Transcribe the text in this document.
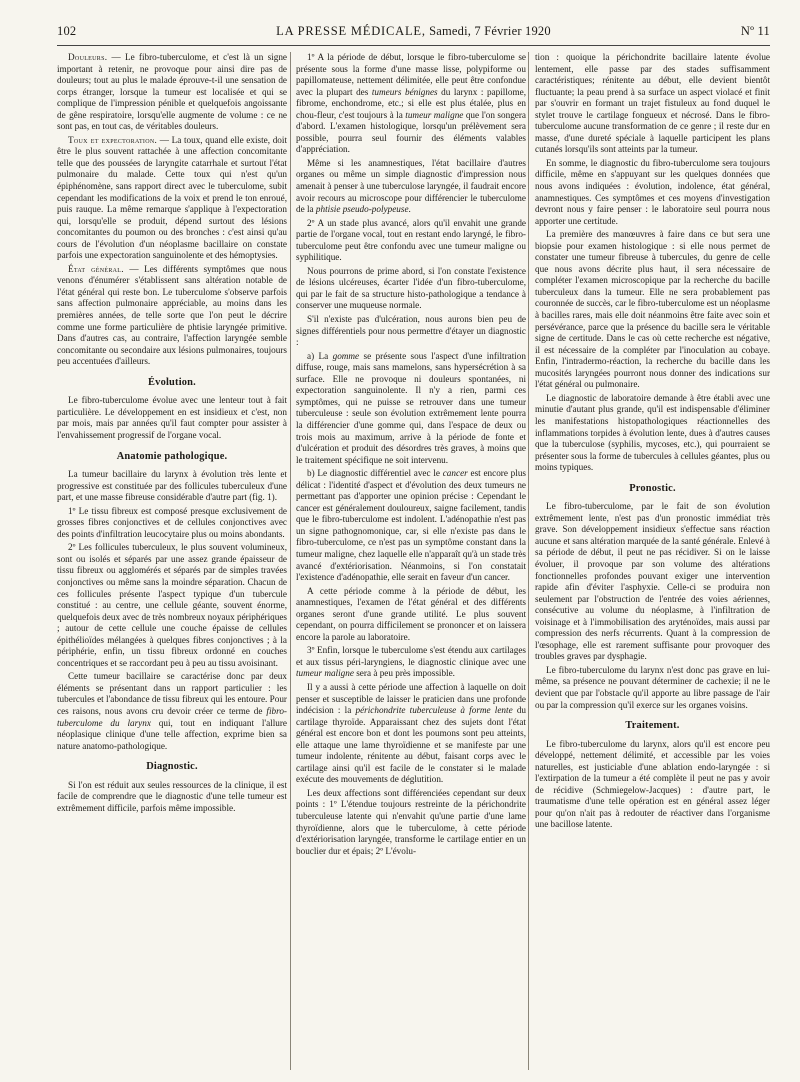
102	LA PRESSE MÉDICALE, Samedi, 7 Février 1920	Nº 11

Douleurs. — Le fibro-tuberculome, et c'est là un signe important à retenir, ne provoque pour ainsi dire pas de douleurs; tout au plus le malade éprouve-t-il une sensation de corps étranger, lorsque la tumeur est localisée et qui se complique de l'impression pénible et quelquefois angoissante de gêne respiratoire, lorsqu'elle augmente de volume : ce ne sont pas, en tout cas, de véritables douleurs.

Toux et expectoration. — La toux, quand elle existe, doit être le plus souvent rattachée à une affection concomitante telle que des poussées de laryngite catarrhale et surtout l'état pulmonaire du malade. Cette toux qui n'est qu'un épiphénomène, sans rapport direct avec le tuberculome, subit cependant les modifications de la voix et prend le ton enroué, puis rauque. La même remarque s'applique à l'expectoration qui, lorsqu'elle se produit, dépend surtout des lésions concomitantes du poumon ou des bronches : c'est ainsi qu'au cours de l'évolution d'un néoplasme bacillaire on constate parfois une expectoration sanguinolente et des hémoptysies.

État général. — Les différents symptômes que nous venons d'énumérer s'établissent sans altération notable de l'état général qui reste bon. Le tuberculome s'observe parfois sans affection pulmonaire appréciable, au moins dans les premières années, de telle sorte que l'on peut le décrire comme une forme particulière de phtisie laryngée primitive. Dans d'autres cas, au contraire, l'affection laryngée semble concomitante ou secondaire aux lésions pulmonaires, toujours peu accentuées d'ailleurs.

Évolution.

Le fibro-tuberculome évolue avec une lenteur tout à fait particulière. Le développement en est insidieux et c'est, non par mois, mais par années qu'il faut compter pour assister à l'envahissement progressif de l'organe vocal.

Anatomie pathologique.

La tumeur bacillaire du larynx à évolution très lente et progressive est constituée par des follicules tuberculeux d'une part, et une masse fibreuse considérable d'autre part (fig. 1).

1º Le tissu fibreux est composé presque exclusivement de grosses fibres conjonctives et de cellules conjonctives avec des points d'infiltration leucocytaire plus ou moins abondants.

2º Les follicules tuberculeux, le plus souvent volumineux, sont ou isolés et séparés par une assez grande épaisseur de tissu fibreux ou agglomérés et séparés par de simples travées conjonctives ou même sans la moindre séparation. Chacun de ces follicules présente l'aspect typique d'un tubercule constitué : au centre, une cellule géante, souvent énorme, quelquefois deux avec de très nombreux noyaux périphériques ; autour de cette cellule une couche épaisse de cellules épithélioïdes mélangées à quelques fibres conjonctives ; à la périphérie, enfin, un tissu fibreux ordonné en couches concentriques et se raccordant peu à peu au tissu avoisinant.

Cette tumeur bacillaire se caractérise donc par deux éléments se présentant dans un rapport particulier : les tubercules et l'abondance de tissu fibreux qui les entoure. Pour ces raisons, nous avons cru devoir créer ce terme de fibro-tuberculome du larynx qui, tout en indiquant l'allure néoplasique clinique d'une telle affection, exprime bien sa nature anatomo-pathologique.

Diagnostic.

Si l'on est réduit aux seules ressources de la clinique, il est facile de comprendre que le diagnostic d'une telle tumeur est extrêmement difficile, parfois même impossible.

1º A la période de début, lorsque le fibro-tuberculome se présente sous la forme d'une masse lisse, polypiforme ou papillomateuse, nettement délimitée, elle peut être confondue avec la plupart des tumeurs bénignes du larynx : papillome, fibrome, enchondrome, etc.; si elle est plus étalée, plus en chou-fleur, c'est toujours à la tumeur maligne que l'on songera d'abord. L'examen histologique, lorsqu'un prélèvement sera possible, pourra seul fournir des éléments valables d'appréciation.

Même si les anamnestiques, l'état bacillaire d'autres organes ou même un simple diagnostic d'impression nous amenait à penser à une tuberculose laryngée, il faudrait encore avoir recours au microscope pour différencier le tuberculome de la phtisie pseudo-polypeuse.

2º A un stade plus avancé, alors qu'il envahit une grande partie de l'organe vocal, tout en restant endo laryngé, le fibro-tuberculome peut être confondu avec une tumeur maligne ou syphilitique.

Nous pourrons de prime abord, si l'on constate l'existence de lésions ulcéreuses, écarter l'idée d'un fibro-tuberculome, qui par le fait de sa structure histo-pathologique a tendance à conserver une muqueuse normale.

S'il n'existe pas d'ulcération, nous aurons bien peu de signes différentiels pour nous permettre d'étayer un diagnostic :

a) La gomme se présente sous l'aspect d'une infiltration diffuse, rouge, mais sans mamelons, sans hypersécrétion à sa surface. Elle ne provoque ni douleurs spontanées, ni expectoration sanguinolente. Il n'y a rien, parmi ces symptômes, qui ne puisse se retrouver dans une tumeur tuberculeuse : seule son évolution extrêmement lente pourra la différencier d'une gomme qui, dans l'espace de deux ou trois mois au maximum, arrive à la période de fonte et d'ulcération et produit des désordres très graves, à moins que le traitement spécifique ne soit intervenu.

b) Le diagnostic différentiel avec le cancer est encore plus délicat : l'identité d'aspect et d'évolution des deux tumeurs ne permettant pas d'apporter une opinion précise : Cependant le cancer est généralement douloureux, saigne facilement, tandis que le fibro-tuberculome est indolent. L'adénopathie n'est pas un signe pathognomonique, car, si elle n'existe pas dans le fibro-tuberculome, ce n'est pas un symptôme constant dans la tumeur maligne, chez laquelle elle n'apparaît qu'à un stade très avancé d'extériorisation. Néanmoins, si l'on constatait l'existence d'adénopathie, elle serait en faveur d'un cancer.

A cette période comme à la période de début, les anamnestiques, l'examen de l'état général et des différents organes seront d'une grande utilité. Le plus souvent cependant, on pourra difficilement se prononcer et on laissera encore la parole au laboratoire.

3º Enfin, lorsque le tuberculome s'est étendu aux cartilages et aux tissus péri-laryngiens, le diagnostic clinique avec une tumeur maligne sera à peu près impossible.

Il y a aussi à cette période une affection à laquelle on doit penser et susceptible de laisser le praticien dans une profonde indécision : la périchondrite tuberculeuse à forme lente du cartilage thyroïde. Apparaissant chez des sujets dont l'état général est encore bon et dont les poumons sont peu atteints, elle attaque une lame thyroïdienne et se manifeste par une tumeur indolente, rénitente au début, faisant corps avec le cartilage ainsi qu'il est facile de le constater si le malade exécute des mouvements de déglutition.

Les deux affections sont différenciées cependant sur deux points : 1º L'étendue toujours restreinte de la périchondrite tuberculeuse latente qui n'envahit qu'une partie d'une lame thyroïdienne, alors que le tuberculome, à cette période d'extériorisation laryngée, transforme le cartilage entier en un bouclier dur et épais; 2º L'évolu-

tion : quoique la périchondrite bacillaire latente évolue lentement, elle passe par des stades suffisamment caractéristiques; rénitente au début, elle devient bientôt fluctuante; la peau prend à sa surface un aspect violacé et finit par s'ouvrir en formant un trajet fistuleux au fond duquel le stylet trouve le cartilage fongueux et nécrosé. Dans le fibro-tuberculome aucune transformation de ce genre ; il reste dur en masse, d'une dureté spéciale à laquelle participent les plans cutanés lorsqu'ils sont atteints par la tumeur.

En somme, le diagnostic du fibro-tuberculome sera toujours difficile, même en s'appuyant sur les quelques données que nous avons indiquées : évolution, indolence, état général, anamnestiques. Ces symptômes et ces moyens d'investigation devront nous y faire penser : le laboratoire seul pourra nous apporter une certitude.

La première des manœuvres à faire dans ce but sera une biopsie pour examen histologique : si elle nous permet de constater une tumeur fibreuse à tubercules, du genre de celle que nous avons décrite plus haut, il sera nécessaire de compléter l'examen microscopique par la recherche du bacille tuberculeux dans la tumeur. Elle ne sera probablement pas couronnée de succès, car le fibro-tuberculome est un néoplasme à bacilles rares, mais elle doit néanmoins être faite avec soin et persévérance, parce que la présence du bacille sera le véritable signe de certitude. Dans le cas où cette recherche est négative, il est nécessaire de la compléter par l'inoculation au cobaye. Enfin, l'intradermo-réaction, la recherche du bacille dans les mucosités laryngées pourront nous donner des indications sur l'état général ou pulmonaire.

Le diagnostic de laboratoire demande à être établi avec une minutie d'autant plus grande, qu'il est indispensable d'éliminer les manifestations histopathologiques réactionnelles des inflammations torpides à évolution lente, dues à d'autres causes que la tuberculose (syphilis, mycoses, etc.), qui pourraient se présenter sous la forme de tubercules à cellules géantes, plus ou moins typiques.

Pronostic.

Le fibro-tuberculome, par le fait de son évolution extrêmement lente, n'est pas d'un pronostic immédiat très grave. Son développement insidieux s'effectue sans réaction aucune et sans altération marquée de la santé générale. Enlevé à sa période de début, il peut ne pas récidiver. Si on le laisse évoluer, il provoque par son volume des altérations fonctionnelles profondes pouvant exiger une intervention rapide afin d'éviter l'asphyxie. Celle-ci se produira non seulement par l'obstruction de l'entrée des voies aériennes, consécutive au volume du néoplasme, à l'infiltration de voisinage et à l'immobilisation des aryténoïdes, mais aussi par compression des nerfs récurrents. Quant à la compression de l'œsophage, elle est rarement suffisante pour provoquer des troubles graves par dysphagie.

Le fibro-tuberculome du larynx n'est donc pas grave en lui-même, sa présence ne pouvant déterminer de cachexie; il ne le devient que par l'obstacle qu'il apporte au libre passage de l'air ou par la compression qu'il exerce sur les organes voisins.

Traitement.

Le fibro-tuberculome du larynx, alors qu'il est encore peu développé, nettement délimité, et accessible par les voies naturelles, est justiciable d'une ablation endo-laryngée : si l'extirpation de la tumeur a été complète il peut ne pas y avoir de récidive (Schmiegelow-Jacques) : d'autre part, le traumatisme d'une telle opération est en général assez léger pour qu'on n'ait pas à redouter de réactiver dans l'organisme une bacillose latente.
